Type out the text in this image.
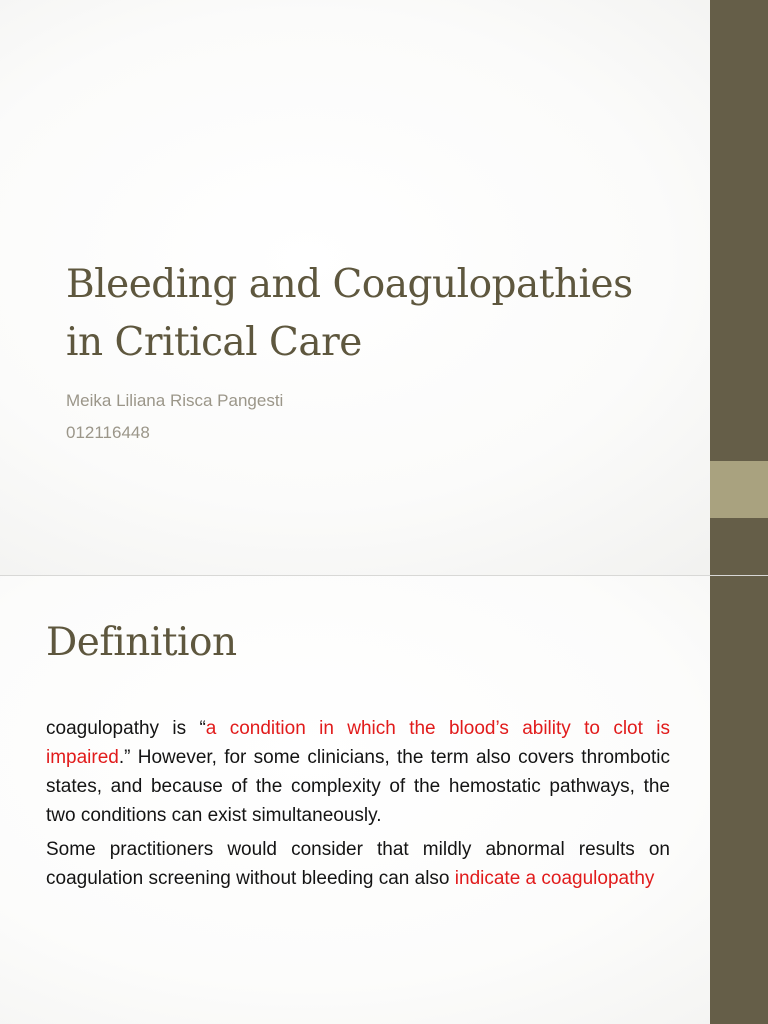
Bleeding and Coagulopathies
in Critical Care

Meika Liliana Risca Pangesti

012116448

Definition

coagulopathy is “a condition in which the blood’s ability to clot is impaired.” However, for some clinicians, the term also covers thrombotic states, and because of the complexity of the hemostatic pathways, the two conditions can exist simultaneously.

Some practitioners would consider that mildly abnormal results on coagulation screening without bleeding can also indicate a coagulopathy
